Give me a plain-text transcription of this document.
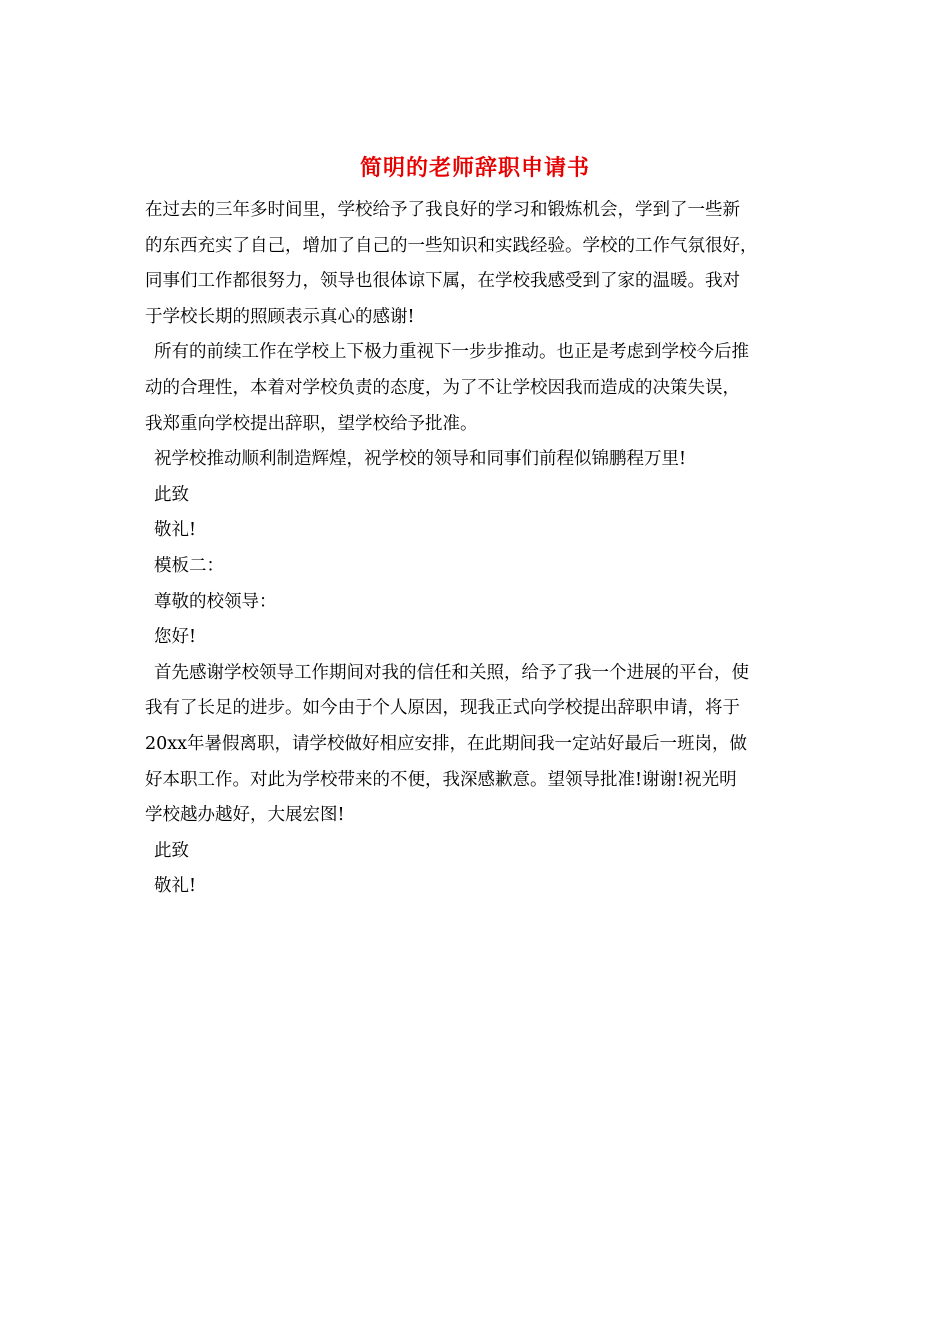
简明的老师辞职申请书
在过去的三年多时间里，学校给予了我良好的学习和锻炼机会，学到了一些新
的东西充实了自己，增加了自己的一些知识和实践经验。学校的工作气氛很好，
同事们工作都很努力，领导也很体谅下属，在学校我感受到了家的温暖。我对
于学校长期的照顾表示真心的感谢!
所有的前续工作在学校上下极力重视下一步步推动。也正是考虑到学校今后推
动的合理性，本着对学校负责的态度，为了不让学校因我而造成的决策失误，
我郑重向学校提出辞职，望学校给予批准。
祝学校推动顺利制造辉煌，祝学校的领导和同事们前程似锦鹏程万里!
此致
敬礼!
模板二：
尊敬的校领导：
您好!
首先感谢学校领导工作期间对我的信任和关照，给予了我一个进展的平台，使
我有了长足的进步。如今由于个人原因，现我正式向学校提出辞职申请，将于
20xx年暑假离职，请学校做好相应安排，在此期间我一定站好最后一班岗，做
好本职工作。对此为学校带来的不便，我深感歉意。望领导批准!谢谢!祝光明
学校越办越好，大展宏图!
此致
敬礼!
